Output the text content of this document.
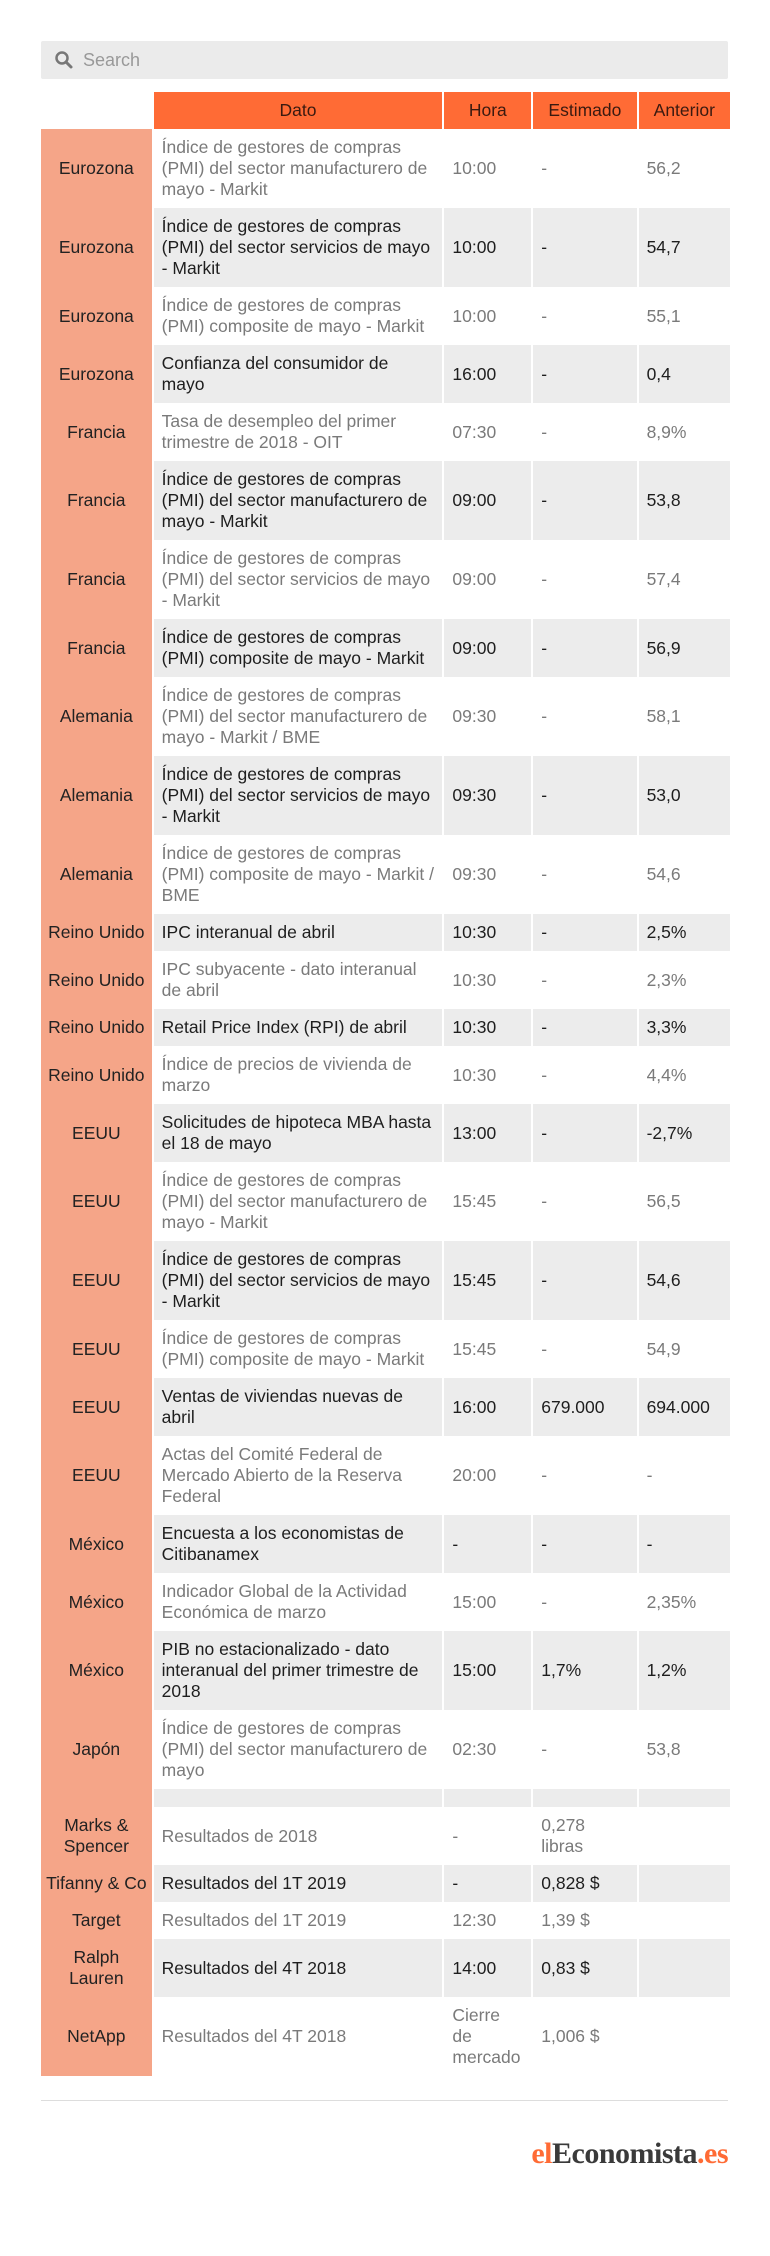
Search
	Dato	Hora	Estimado	Anterior
Eurozona	Índice de gestores de compras (PMI) del sector manufacturero de mayo - Markit	10:00	-	56,2
Eurozona	Índice de gestores de compras (PMI) del sector servicios de mayo - Markit	10:00	-	54,7
Eurozona	Índice de gestores de compras (PMI) composite de mayo - Markit	10:00	-	55,1
Eurozona	Confianza del consumidor de mayo	16:00	-	0,4
Francia	Tasa de desempleo del primer trimestre de 2018 - OIT	07:30	-	8,9%
Francia	Índice de gestores de compras (PMI) del sector manufacturero de mayo - Markit	09:00	-	53,8
Francia	Índice de gestores de compras (PMI) del sector servicios de mayo - Markit	09:00	-	57,4
Francia	Índice de gestores de compras (PMI) composite de mayo - Markit	09:00	-	56,9
Alemania	Índice de gestores de compras (PMI) del sector manufacturero de mayo - Markit / BME	09:30	-	58,1
Alemania	Índice de gestores de compras (PMI) del sector servicios de mayo - Markit	09:30	-	53,0
Alemania	Índice de gestores de compras (PMI) composite de mayo - Markit / BME	09:30	-	54,6
Reino Unido	IPC interanual de abril	10:30	-	2,5%
Reino Unido	IPC subyacente - dato interanual de abril	10:30	-	2,3%
Reino Unido	Retail Price Index (RPI) de abril	10:30	-	3,3%
Reino Unido	Índice de precios de vivienda de marzo	10:30	-	4,4%
EEUU	Solicitudes de hipoteca MBA hasta el 18 de mayo	13:00	-	-2,7%
EEUU	Índice de gestores de compras (PMI) del sector manufacturero de mayo - Markit	15:45	-	56,5
EEUU	Índice de gestores de compras (PMI) del sector servicios de mayo - Markit	15:45	-	54,6
EEUU	Índice de gestores de compras (PMI) composite de mayo - Markit	15:45	-	54,9
EEUU	Ventas de viviendas nuevas de abril	16:00	679.000	694.000
EEUU	Actas del Comité Federal de Mercado Abierto de la Reserva Federal	20:00	-	-
México	Encuesta a los economistas de Citibanamex	-	-	-
México	Indicador Global de la Actividad Económica de marzo	15:00	-	2,35%
México	PIB no estacionalizado - dato interanual del primer trimestre de 2018	15:00	1,7%	1,2%
Japón	Índice de gestores de compras (PMI) del sector manufacturero de mayo	02:30	-	53,8

Marks & Spencer	Resultados de 2018	-	0,278 libras	
Tifanny & Co	Resultados del 1T 2019	-	0,828 $	
Target	Resultados del 1T 2019	12:30	1,39 $	
Ralph Lauren	Resultados del 4T 2018	14:00	0,83 $	
NetApp	Resultados del 4T 2018	Cierre de mercado	1,006 $	
elEconomista.es
